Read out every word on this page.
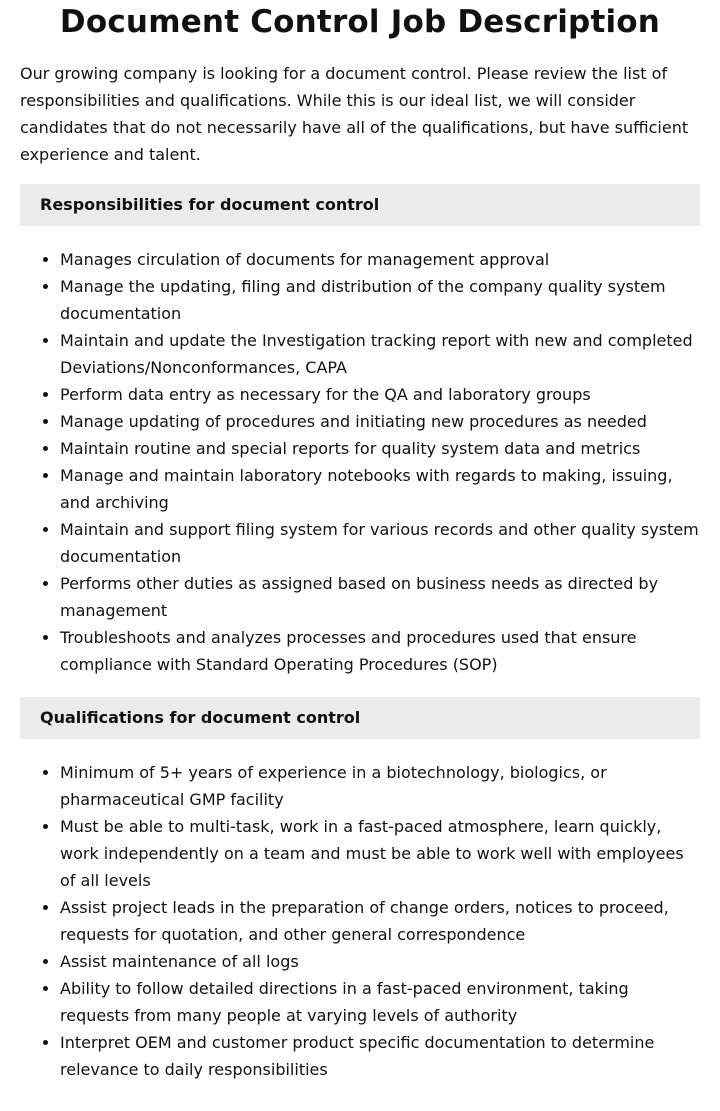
Document Control Job Description

Our growing company is looking for a document control. Please review the list of responsibilities and qualifications. While this is our ideal list, we will consider candidates that do not necessarily have all of the qualifications, but have sufficient experience and talent.

Responsibilities for document control
• Manages circulation of documents for management approval
• Manage the updating, filing and distribution of the company quality system documentation
• Maintain and update the Investigation tracking report with new and completed Deviations/Nonconformances, CAPA
• Perform data entry as necessary for the QA and laboratory groups
• Manage updating of procedures and initiating new procedures as needed
• Maintain routine and special reports for quality system data and metrics
• Manage and maintain laboratory notebooks with regards to making, issuing, and archiving
• Maintain and support filing system for various records and other quality system documentation
• Performs other duties as assigned based on business needs as directed by management
• Troubleshoots and analyzes processes and procedures used that ensure compliance with Standard Operating Procedures (SOP)
Qualifications for document control
• Minimum of 5+ years of experience in a biotechnology, biologics, or pharmaceutical GMP facility
• Must be able to multi-task, work in a fast-paced atmosphere, learn quickly, work independently on a team and must be able to work well with employees of all levels
• Assist project leads in the preparation of change orders, notices to proceed, requests for quotation, and other general correspondence
• Assist maintenance of all logs
• Ability to follow detailed directions in a fast-paced environment, taking requests from many people at varying levels of authority
• Interpret OEM and customer product specific documentation to determine relevance to daily responsibilities
